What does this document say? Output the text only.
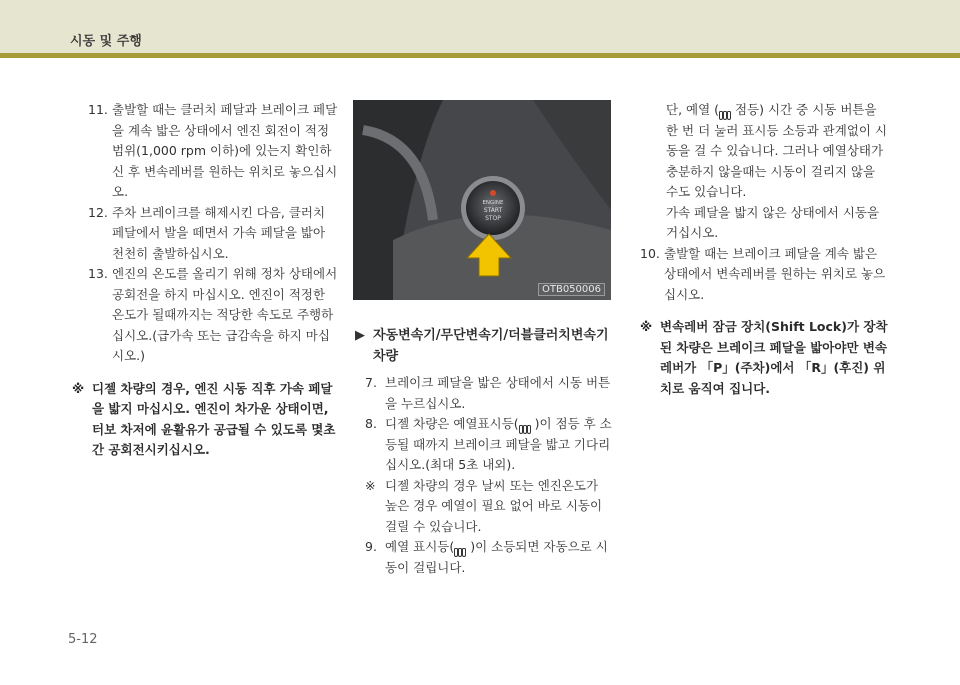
시동 및 주행
11. 출발할 때는 클러치 페달과 브레이크 페달을 계속 밟은 상태에서 엔진 회전이 적정범위(1,000 rpm 이하)에 있는지 확인하신 후 변속레버를 원하는 위치로 놓으십시오.
12. 주차 브레이크를 해제시킨 다음, 클러치 페달에서 발을 떼면서 가속 페달을 밟아 천천히 출발하십시오.
13. 엔진의 온도를 올리기 위해 정차 상태에서 공회전을 하지 마십시오. 엔진이 적정한 온도가 될때까지는 적당한 속도로 주행하십시오.(급가속 또는 급감속을 하지 마십시오.)
※ 디젤 차량의 경우, 엔진 시동 직후 가속 페달을 밟지 마십시오. 엔진이 차가운 상태이면, 터보 차저에 윤활유가 공급될 수 있도록 몇초간 공회전시키십시오.
ENGINE
START
STOP
OTB050006
▶ 자동변속기/무단변속기/더블클러치변속기 차량
7. 브레이크 페달을 밟은 상태에서 시동 버튼을 누르십시오.
8. 디젤 차량은 예열표시등( )이 점등 후 소등될 때까지 브레이크 페달을 밟고 기다리십시오.(최대 5초 내외).
※ 디젤 차량의 경우 날씨 또는 엔진온도가 높은 경우 예열이 필요 없어 바로 시동이 걸릴 수 있습니다.
9. 예열 표시등( )이 소등되면 자동으로 시동이 걸립니다.
단, 예열 ( 점등) 시간 중 시동 버튼을 한 번 더 눌러 표시등 소등과 관계없이 시동을 걸 수 있습니다. 그러나 예열상태가 충분하지 않을때는 시동이 걸리지 않을 수도 있습니다.
가속 페달을 밟지 않은 상태에서 시동을 거십시오.
10. 출발할 때는 브레이크 페달을 계속 밟은 상태에서 변속레버를 원하는 위치로 놓으십시오.
※ 변속레버 잠금 장치(Shift Lock)가 장착된 차량은 브레이크 페달을 밟아야만 변속레버가 「P」(주차)에서 「R」(후진) 위치로 움직여 집니다.
5-12
